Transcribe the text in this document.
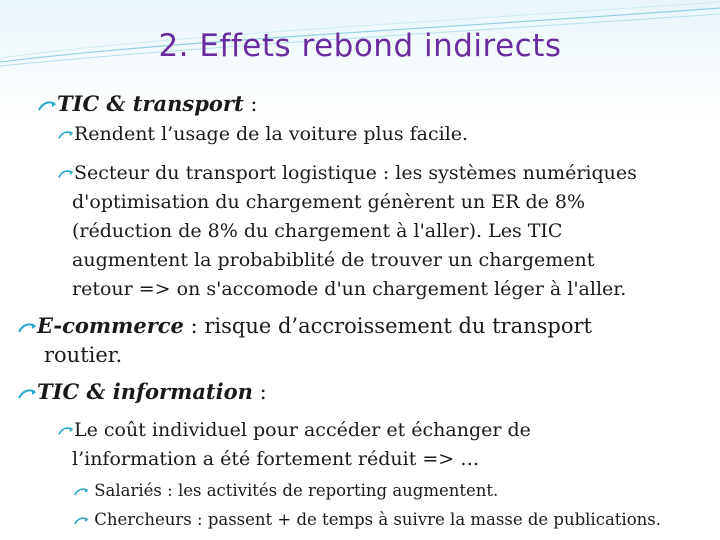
2. Effets rebond indirects
TIC & transport :
Rendent l’usage de la voiture plus facile.
Secteur du transport logistique : les systèmes numériques
d'optimisation du chargement génèrent un ER de 8%
(réduction de 8% du chargement à l'aller). Les TIC
augmentent la probabiblité de trouver un chargement
retour => on s'accomode d'un chargement léger à l'aller.
E-commerce : risque d’accroissement du transport
routier.
TIC & information :
Le coût individuel pour accéder et échanger de
l’information a été fortement réduit => …
Salariés : les activités de reporting augmentent.
Chercheurs : passent + de temps à suivre la masse de publications.
